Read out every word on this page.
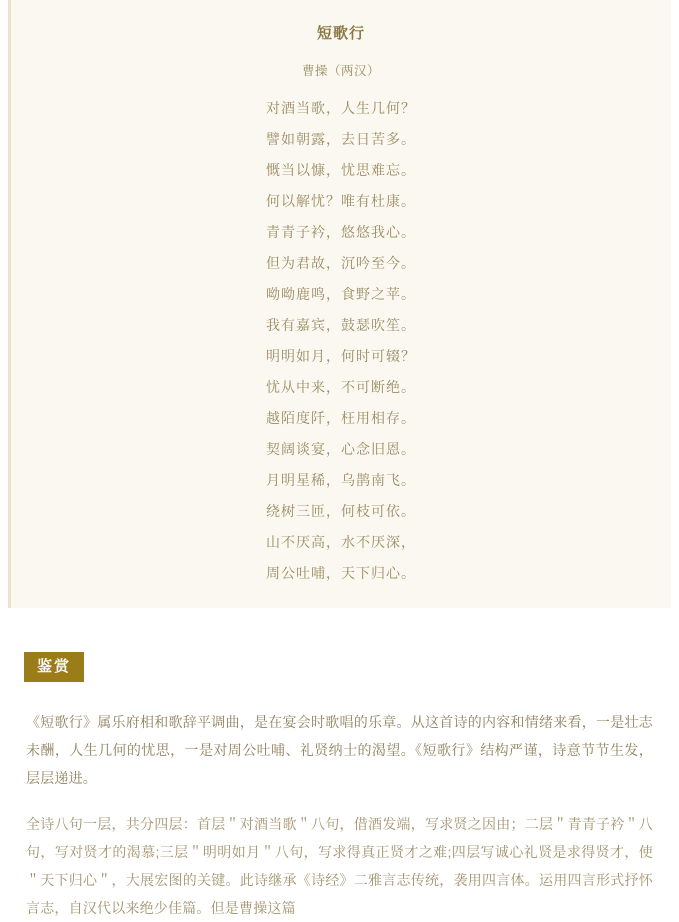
短歌行
曹操（两汉）
对酒当歌，人生几何？
譬如朝露，去日苦多。
慨当以慷，忧思难忘。
何以解忧？唯有杜康。
青青子衿，悠悠我心。
但为君故，沉吟至今。
呦呦鹿鸣，食野之苹。
我有嘉宾，鼓瑟吹笙。
明明如月，何时可辍？
忧从中来，不可断绝。
越陌度阡，枉用相存。
契阔谈宴，心念旧恩。
月明星稀，乌鹊南飞。
绕树三匝，何枝可依。
山不厌高，水不厌深，
周公吐哺，天下归心。
鉴赏

《短歌行》属乐府相和歌辞平调曲，是在宴会时歌唱的乐章。从这首诗的内容和情绪来看，一是壮志未酬，人生几何的忧思，一是对周公吐哺、礼贤纳士的渴望。《短歌行》结构严谨，诗意节节生发，层层递进。

全诗八句一层，共分四层：首层＂对酒当歌＂八句，借酒发端，写求贤之因由；二层＂青青子衿＂八句，写对贤才的渴慕;三层＂明明如月＂八句，写求得真正贤才之难;四层写诚心礼贤是求得贤才，使＂天下归心＂，大展宏图的关键。此诗继承《诗经》二雅言志传统，袭用四言体。运用四言形式抒怀言志，自汉代以来绝少佳篇。但是曹操这篇
